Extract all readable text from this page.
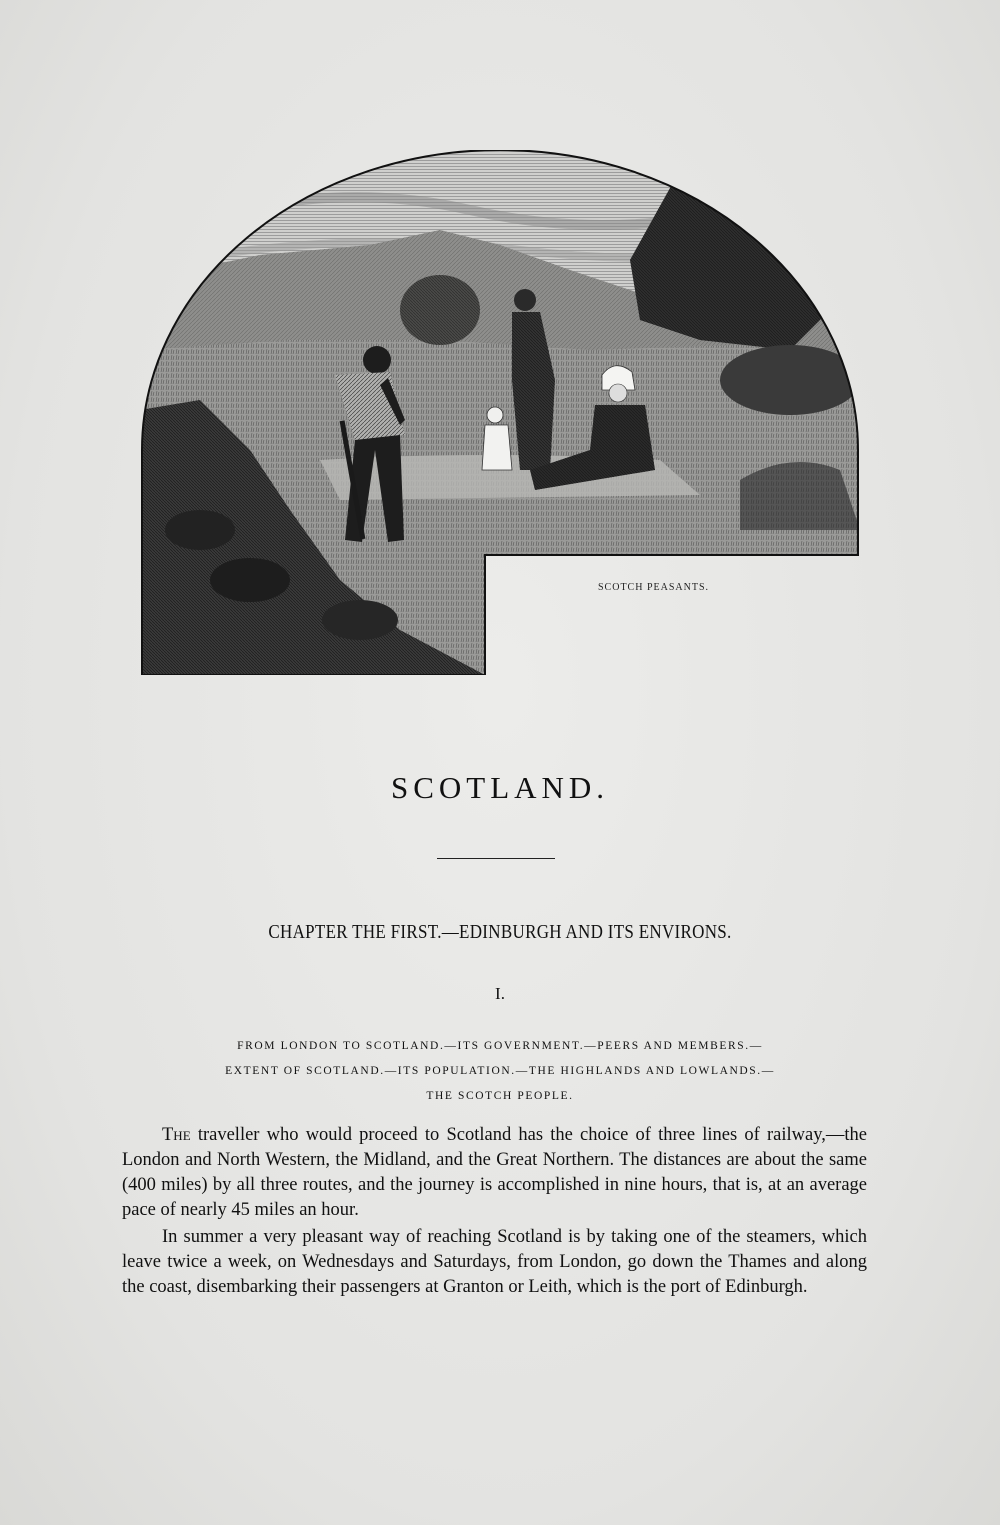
SCOTCH PEASANTS.
SCOTLAND.
CHAPTER THE FIRST.—EDINBURGH AND ITS ENVIRONS.
I.
FROM LONDON TO SCOTLAND.—ITS GOVERNMENT.—PEERS AND MEMBERS.—
EXTENT OF SCOTLAND.—ITS POPULATION.—THE HIGHLANDS AND LOWLANDS.—
THE SCOTCH PEOPLE.

The traveller who would proceed to Scotland has the choice of three lines of railway,—the London and North Western, the Midland, and the Great Northern. The distances are about the same (400 miles) by all three routes, and the journey is accomplished in nine hours, that is, at an average pace of nearly 45 miles an hour.

In summer a very pleasant way of reaching Scotland is by taking one of the steamers, which leave twice a week, on Wednesdays and Saturdays, from London, go down the Thames and along the coast, disembarking their passengers at Granton or Leith, which is the port of Edinburgh.
